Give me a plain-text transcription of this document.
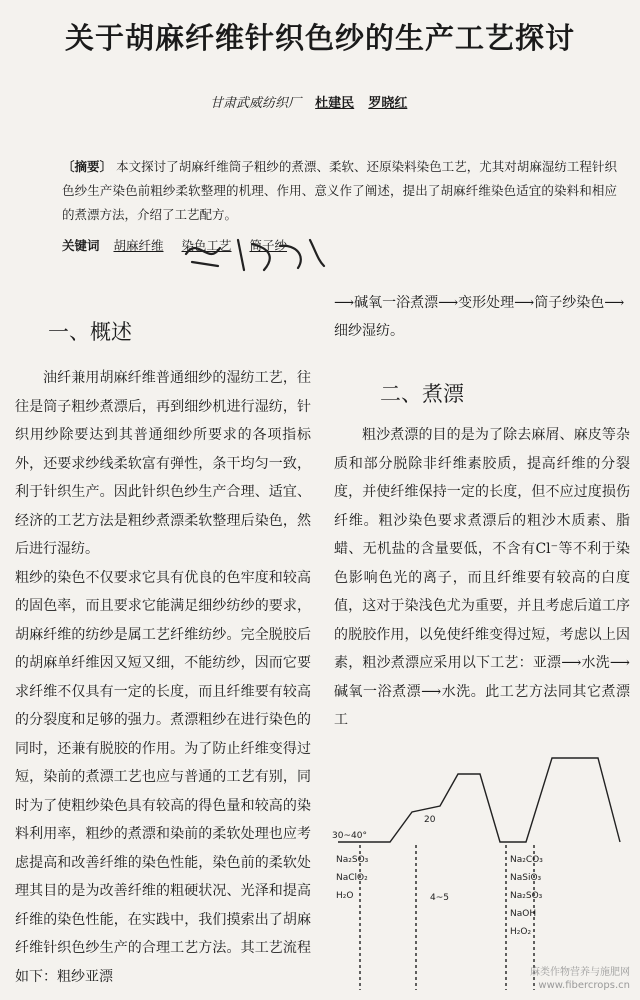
关于胡麻纤维针织色纱的生产工艺探讨
甘肃武威纺织厂 杜建民 罗晓红
〔摘要〕 本文探讨了胡麻纤维筒子粗纱的煮漂、柔软、还原染料染色工艺，尤其对胡麻湿纺工程针织色纱生产染色前粗纱柔软整理的机理、作用、意义作了阐述，提出了胡麻纤维染色适宜的染料和相应的煮漂方法，介绍了工艺配方。
关键词 胡麻纤维 染色工艺 筒子纱
一、概述

油纤兼用胡麻纤维普通细纱的湿纺工艺，往往是筒子粗纱煮漂后，再到细纱机进行湿纺，针织用纱除要达到其普通细纱所要求的各项指标外，还要求纱线柔软富有弹性，条干均匀一致，利于针织生产。因此针织色纱生产合理、适宜、经济的工艺方法是粗纱煮漂柔软整理后染色，然后进行湿纺。

粗纱的染色不仅要求它具有优良的色牢度和较高的固色率，而且要求它能满足细纱纺纱的要求，胡麻纤维的纺纱是属工艺纤维纺纱。完全脱胶后的胡麻单纤维因又短又细，不能纺纱，因而它要求纤维不仅具有一定的长度，而且纤维要有较高的分裂度和足够的强力。煮漂粗纱在进行染色的同时，还兼有脱胶的作用。为了防止纤维变得过短，染前的煮漂工艺也应与普通的工艺有别，同时为了使粗纱染色具有较高的得色量和较高的染料利用率，粗纱的煮漂和染前的柔软处理也应考虑提高和改善纤维的染色性能，染色前的柔软处理其目的是为改善纤维的粗硬状况、光泽和提高纤维的染色性能，在实践中，我们摸索出了胡麻纤维针织色纱生产的合理工艺方法。其工艺流程如下：粗纱亚漂

⟶碱氧一浴煮漂⟶变形处理⟶筒子纱染色⟶细纱湿纺。
二、煮漂

粗沙煮漂的目的是为了除去麻屑、麻皮等杂质和部分脱除非纤维素胶质，提高纤维的分裂度，并使纤维保持一定的长度，但不应过度损伤纤维。粗沙染色要求煮漂后的粗沙木质素、脂蜡、无机盐的含量要低，不含有Cl⁻等不利于染色影响色光的离子，而且纤维要有较高的白度值，这对于染浅色尤为重要，并且考虑后道工序的脱胶作用，以免使纤维变得过短，考虑以上因素，粗沙煮漂应采用以下工艺：亚漂⟶水洗⟶碱氧一浴煮漂⟶水洗。此工艺方法同其它煮漂工

30~40°
Na₂SO₃
NaClO₂
H₂O	4~5
20
Na₂CO₃
NaSiO₃
Na₂SO₃
NaOH
H₂O₂
麻类作物营养与施肥网
www.fibercrops.cn
